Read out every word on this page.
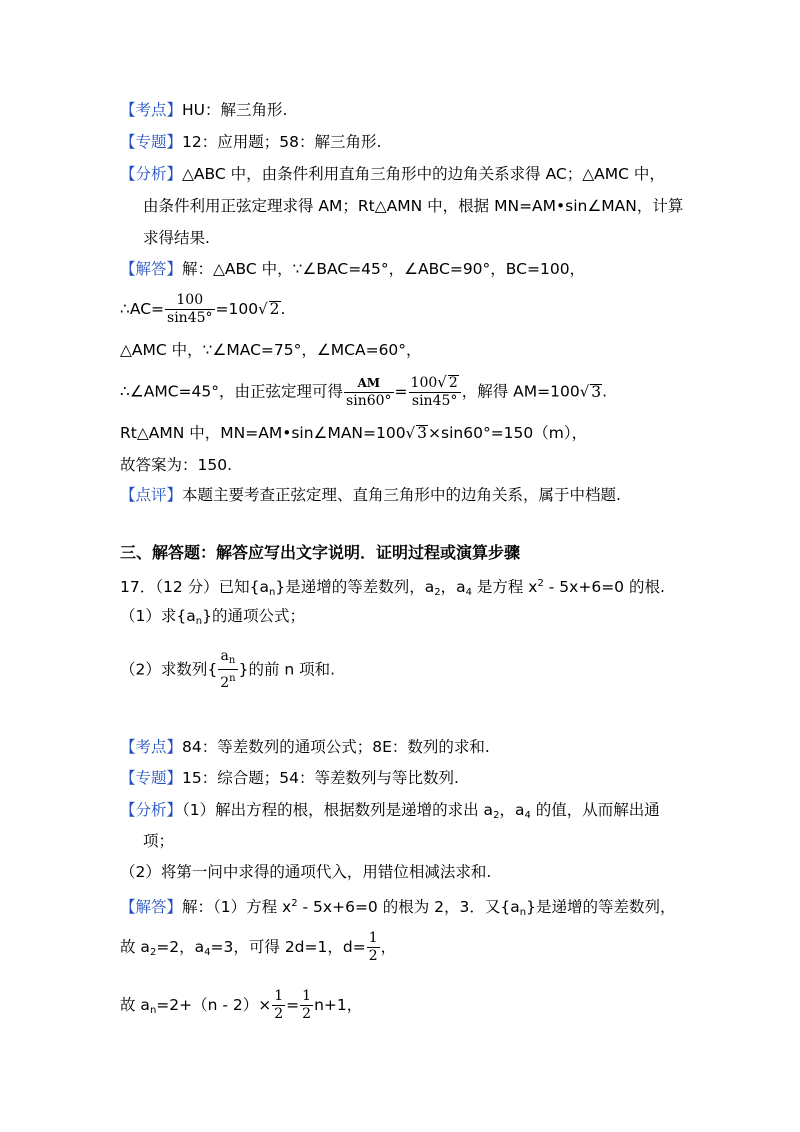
【考点】HU：解三角形.
【专题】12：应用题；58：解三角形.
【分析】△ABC 中，由条件利用直角三角形中的边角关系求得 AC；△AMC 中，
由条件利用正弦定理求得 AM；Rt△AMN 中，根据 MN=AM•sin∠MAN，计算
求得结果.
【解答】解：△ABC 中，∵∠BAC=45°，∠ABC=90°，BC=100，
∴AC= $\frac{100}{\sin 45^\circ} =100√$ 2.
△AMC 中，∵∠MAC=75°，∠MCA=60°，
∴∠AMC=45°，由正弦定理可得 $\frac{AM}{\sin 60^\circ} = \frac{100√ 2}{\sin 45^\circ}$ ，解得 AM=100√ 3.
Rt△AMN 中，MN=AM•sin∠MAN=100√ 3×sin60°=150（m），
故答案为：150.
【点评】本题主要考查正弦定理、直角三角形中的边角关系，属于中档题.
三、解答题：解答应写出文字说明．证明过程或演算步骤
17．（12 分）已知$\{a_n\}$是递增的等差数列，$a_2$，$a_4$ 是方程 $x^2 - 5x+6=0$ 的根.
（1）求$\{a_n\}$的通项公式；
（2）求数列{ $\frac{a_n}{2^n}$ }的前 n 项和.
【考点】84：等差数列的通项公式；8E：数列的求和.
【专题】15：综合题；54：等差数列与等比数列.
【分析】（1）解出方程的根，根据数列是递增的求出 $a_2$，$a_4$ 的值，从而解出通
项；
（2）将第一问中求得的通项代入，用错位相减法求和.
【解答】解：（1）方程 $x^2 - 5x+6=0$ 的根为 2，3．又$\{a_n\}$是递增的等差数列，
故 $a_2=2$，$a_4=3$，可得 2d=1，$d= \frac{1}{2}$ ，
故 $a_n=2+(n - 2)\times \frac{1}{2} = \frac{1}{2} n+1$，
